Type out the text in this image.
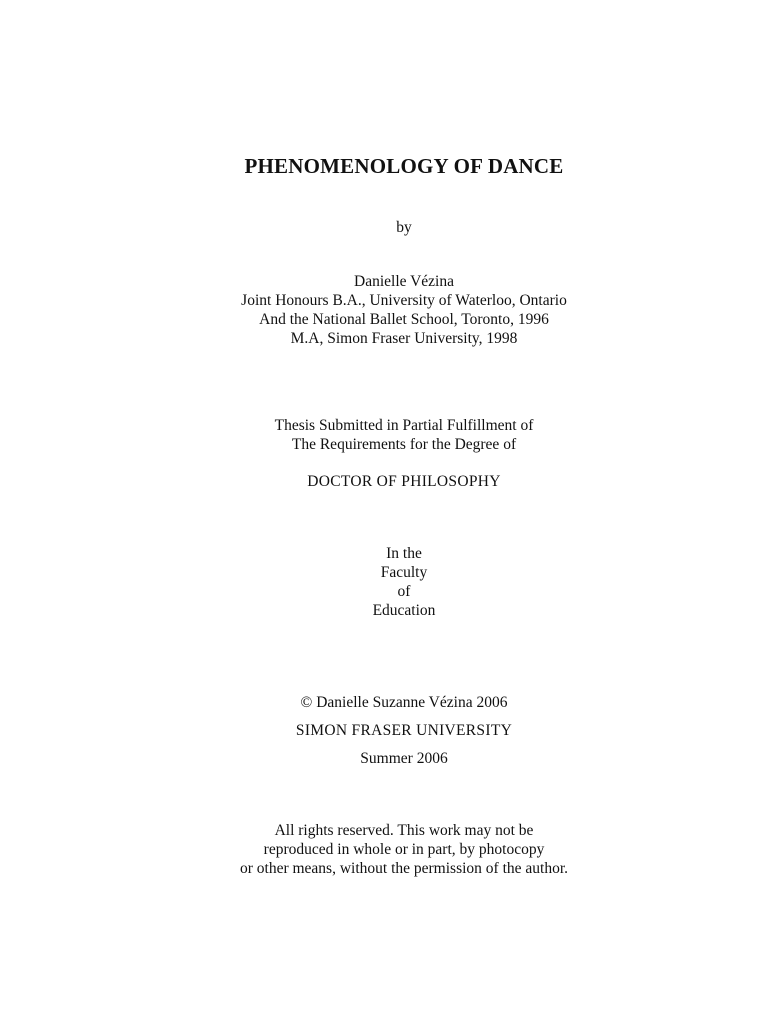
PHENOMENOLOGY OF DANCE
by
Danielle Vézina
Joint Honours B.A., University of Waterloo, Ontario
And the National Ballet School, Toronto, 1996
M.A, Simon Fraser University, 1998
Thesis Submitted in Partial Fulfillment of
The Requirements for the Degree of
DOCTOR OF PHILOSOPHY
In the
Faculty
of
Education
© Danielle Suzanne Vézina 2006
SIMON FRASER UNIVERSITY
Summer 2006
All rights reserved. This work may not be
reproduced in whole or in part, by photocopy
or other means, without the permission of the author.
